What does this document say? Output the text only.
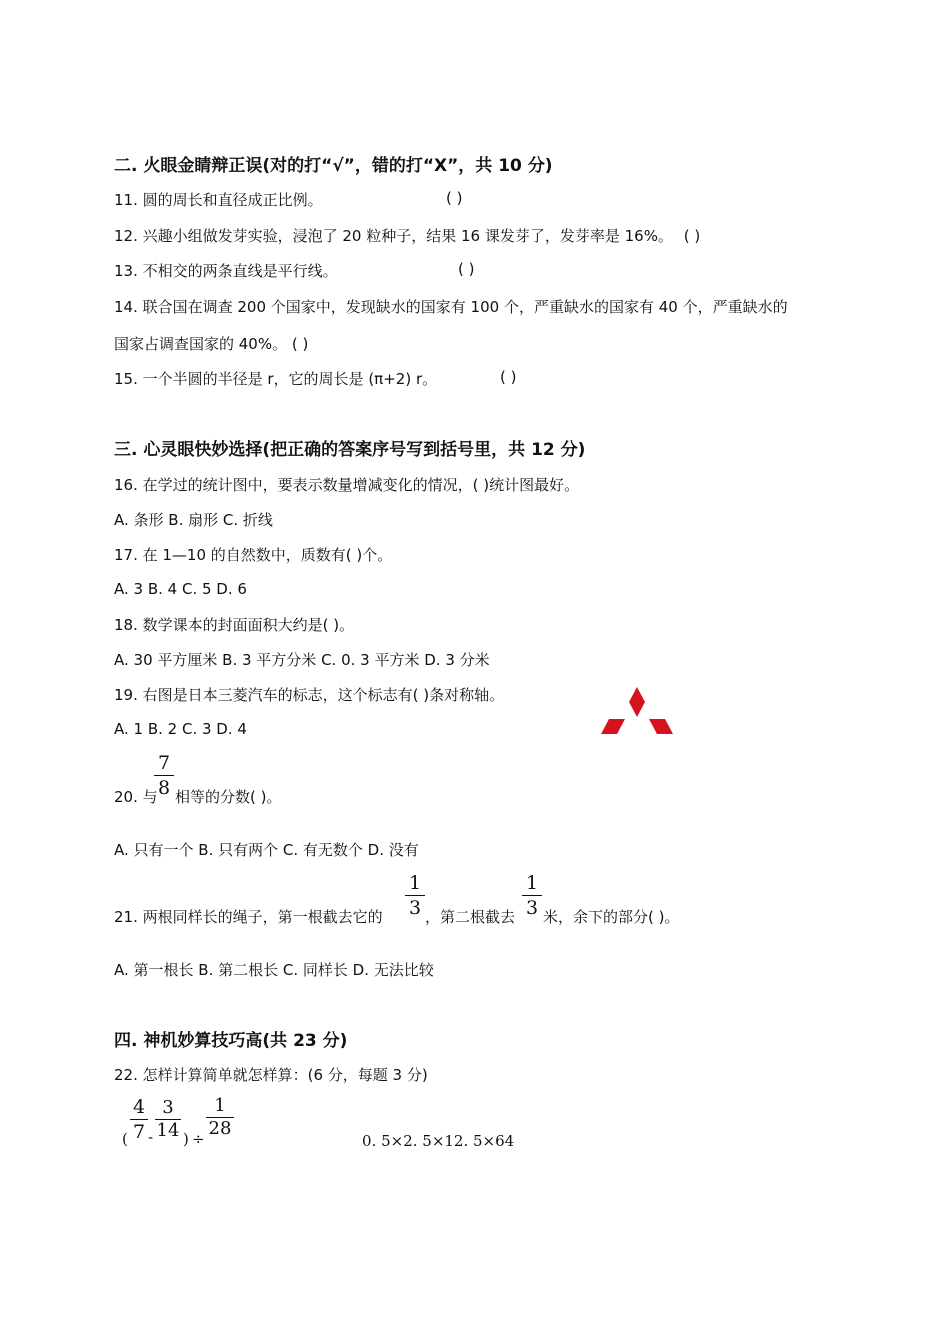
二. 火眼金睛辩正误(对的打“√”，错的打“X”，共 10 分)
11. 圆的周长和直径成正比例。	( )
12. 兴趣小组做发芽实验，浸泡了 20 粒种子，结果 16 课发芽了，发芽率是 16%。 ( )
13. 不相交的两条直线是平行线。	( )
14. 联合国在调查 200 个国家中，发现缺水的国家有 100 个，严重缺水的国家有 40 个，严重缺水的
国家占调查国家的 40%。 ( )
15. 一个半圆的半径是 r，它的周长是 (π+2) r。	( )
三. 心灵眼快妙选择(把正确的答案序号写到括号里，共 12 分)
16. 在学过的统计图中，要表示数量增减变化的情况，( )统计图最好。
A. 条形 B. 扇形 C. 折线
17. 在 1—10 的自然数中，质数有( )个。
A. 3 B. 4 C. 5 D. 6
18. 数学课本的封面面积大约是( )。
A. 30 平方厘米 B. 3 平方分米 C. 0. 3 平方米 D. 3 分米
19. 右图是日本三菱汽车的标志，这个标志有( )条对称轴。
A. 1 B. 2 C. 3 D. 4
20. 与
7
8 相等的分数( )。
A. 只有一个 B. 只有两个 C. 有无数个 D. 没有
21. 两根同样长的绳子，第一根截去它的
1
3 ，第二根截去
1
3 米，余下的部分( )。
A. 第一根长 B. 第二根长 C. 同样长 D. 无法比较
四. 神机妙算技巧高(共 23 分)
22. 怎样计算简单就怎样算：(6 分，每题 3 分)
(
4
7 -
3
14 ) ÷
1
28
0. 5×2. 5×12. 5×64
